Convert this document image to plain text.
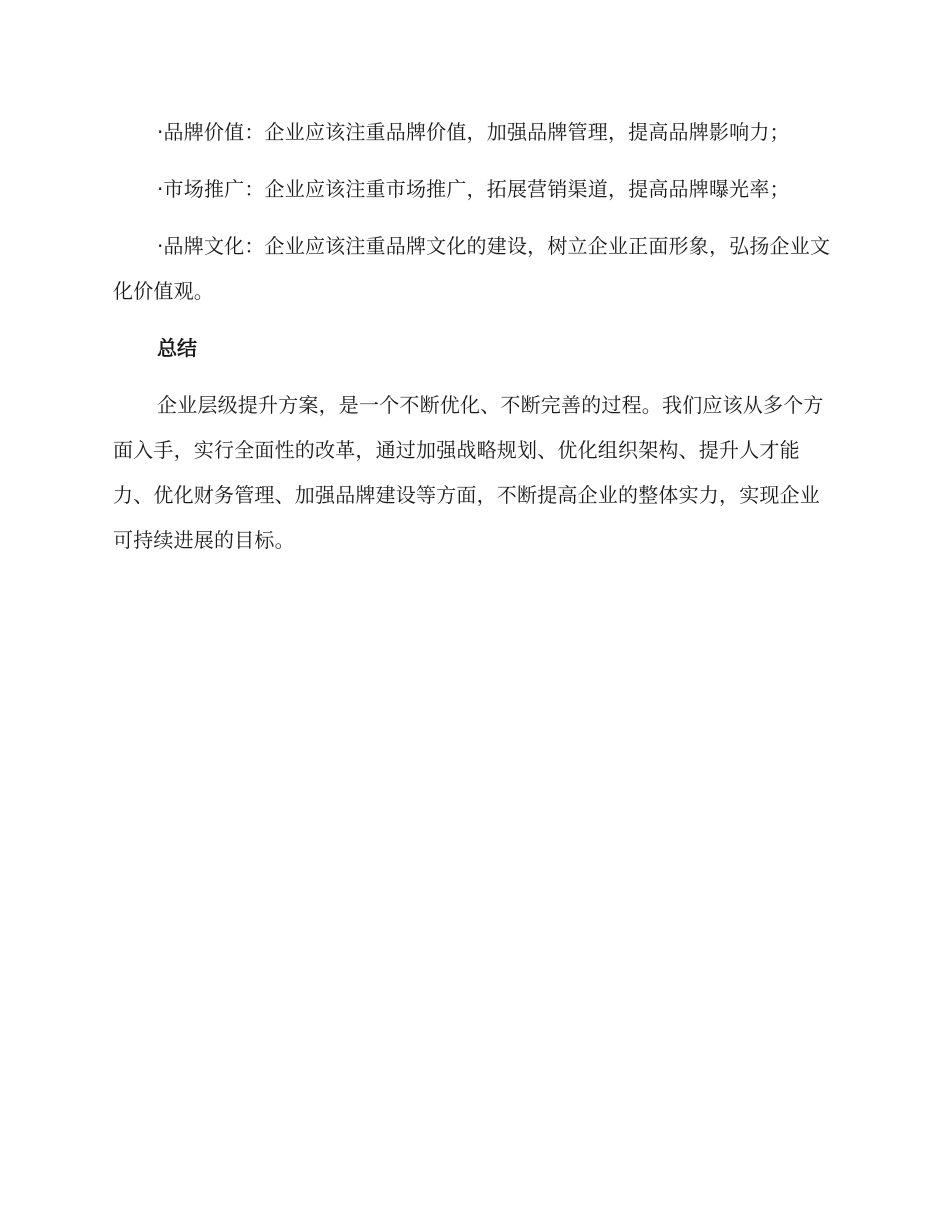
·品牌价值：企业应该注重品牌价值，加强品牌管理，提高品牌影响力；

·市场推广：企业应该注重市场推广，拓展营销渠道，提高品牌曝光率；

·品牌文化：企业应该注重品牌文化的建设，树立企业正面形象，弘扬企业文化价值观。

总结

企业层级提升方案，是一个不断优化、不断完善的过程。我们应该从多个方面入手，实行全面性的改革，通过加强战略规划、优化组织架构、提升人才能力、优化财务管理、加强品牌建设等方面，不断提高企业的整体实力，实现企业可持续进展的目标。
